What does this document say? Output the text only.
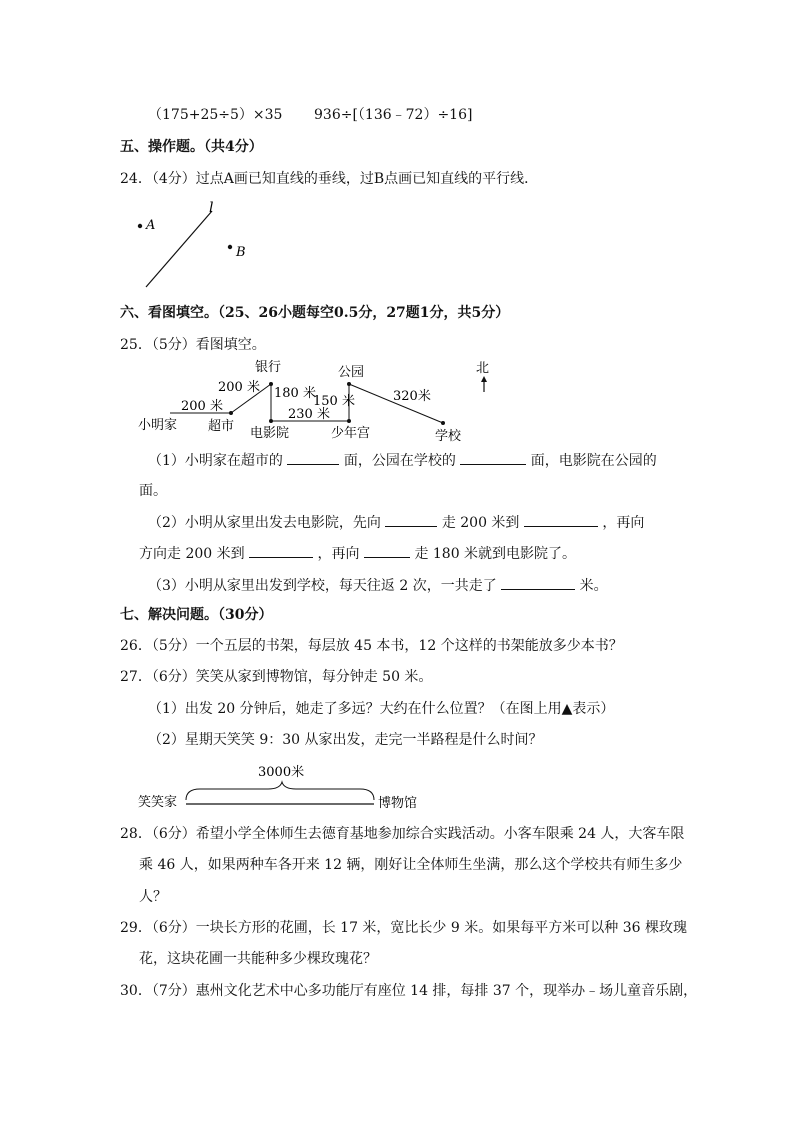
（175+25÷5）×35 936÷[（136﹣72）÷16]
五、操作题。（共4分）
24．（4分）过点A画已知直线的垂线，过B点画已知直线的平行线．
l
A
B
六、看图填空。（25、26小题每空0.5分，27题1分，共5分）
25．（5分）看图填空。
小明家 超市
银行
电影院
公园
少年宫	学校
200 米
200 米 180 米
230 米
150 米	320米
北
（1）小明家在超市的	面，公园在学校的	面，电影院在公园的
面。
（2）小明从家里出发去电影院，先向	走 200 米到	，再向
方向走 200 米到	，再向	走 180 米就到电影院了。
（3）小明从家里出发到学校，每天往返 2 次，一共走了	米。
七、解决问题。（30分）
26．（5分）一个五层的书架，每层放 45 本书，12 个这样的书架能放多少本书？
27．（6分）笑笑从家到博物馆，每分钟走 50 米。
（1）出发 20 分钟后，她走了多远？大约在什么位置？（在图上用▲表示）
（2）星期天笑笑 9：30 从家出发，走完一半路程是什么时间？
3000米
笑笑家	博物馆
28．（6分）希望小学全体师生去德育基地参加综合实践活动。小客车限乘 24 人，大客车限
乘 46 人，如果两种车各开来 12 辆，刚好让全体师生坐满，那么这个学校共有师生多少
人？
29．（6分）一块长方形的花圃，长 17 米，宽比长少 9 米。如果每平方米可以种 36 棵玫瑰
花，这块花圃一共能种多少棵玫瑰花？
30．（7分）惠州文化艺术中心多功能厅有座位 14 排，每排 37 个，现举办﹣场儿童音乐剧，
